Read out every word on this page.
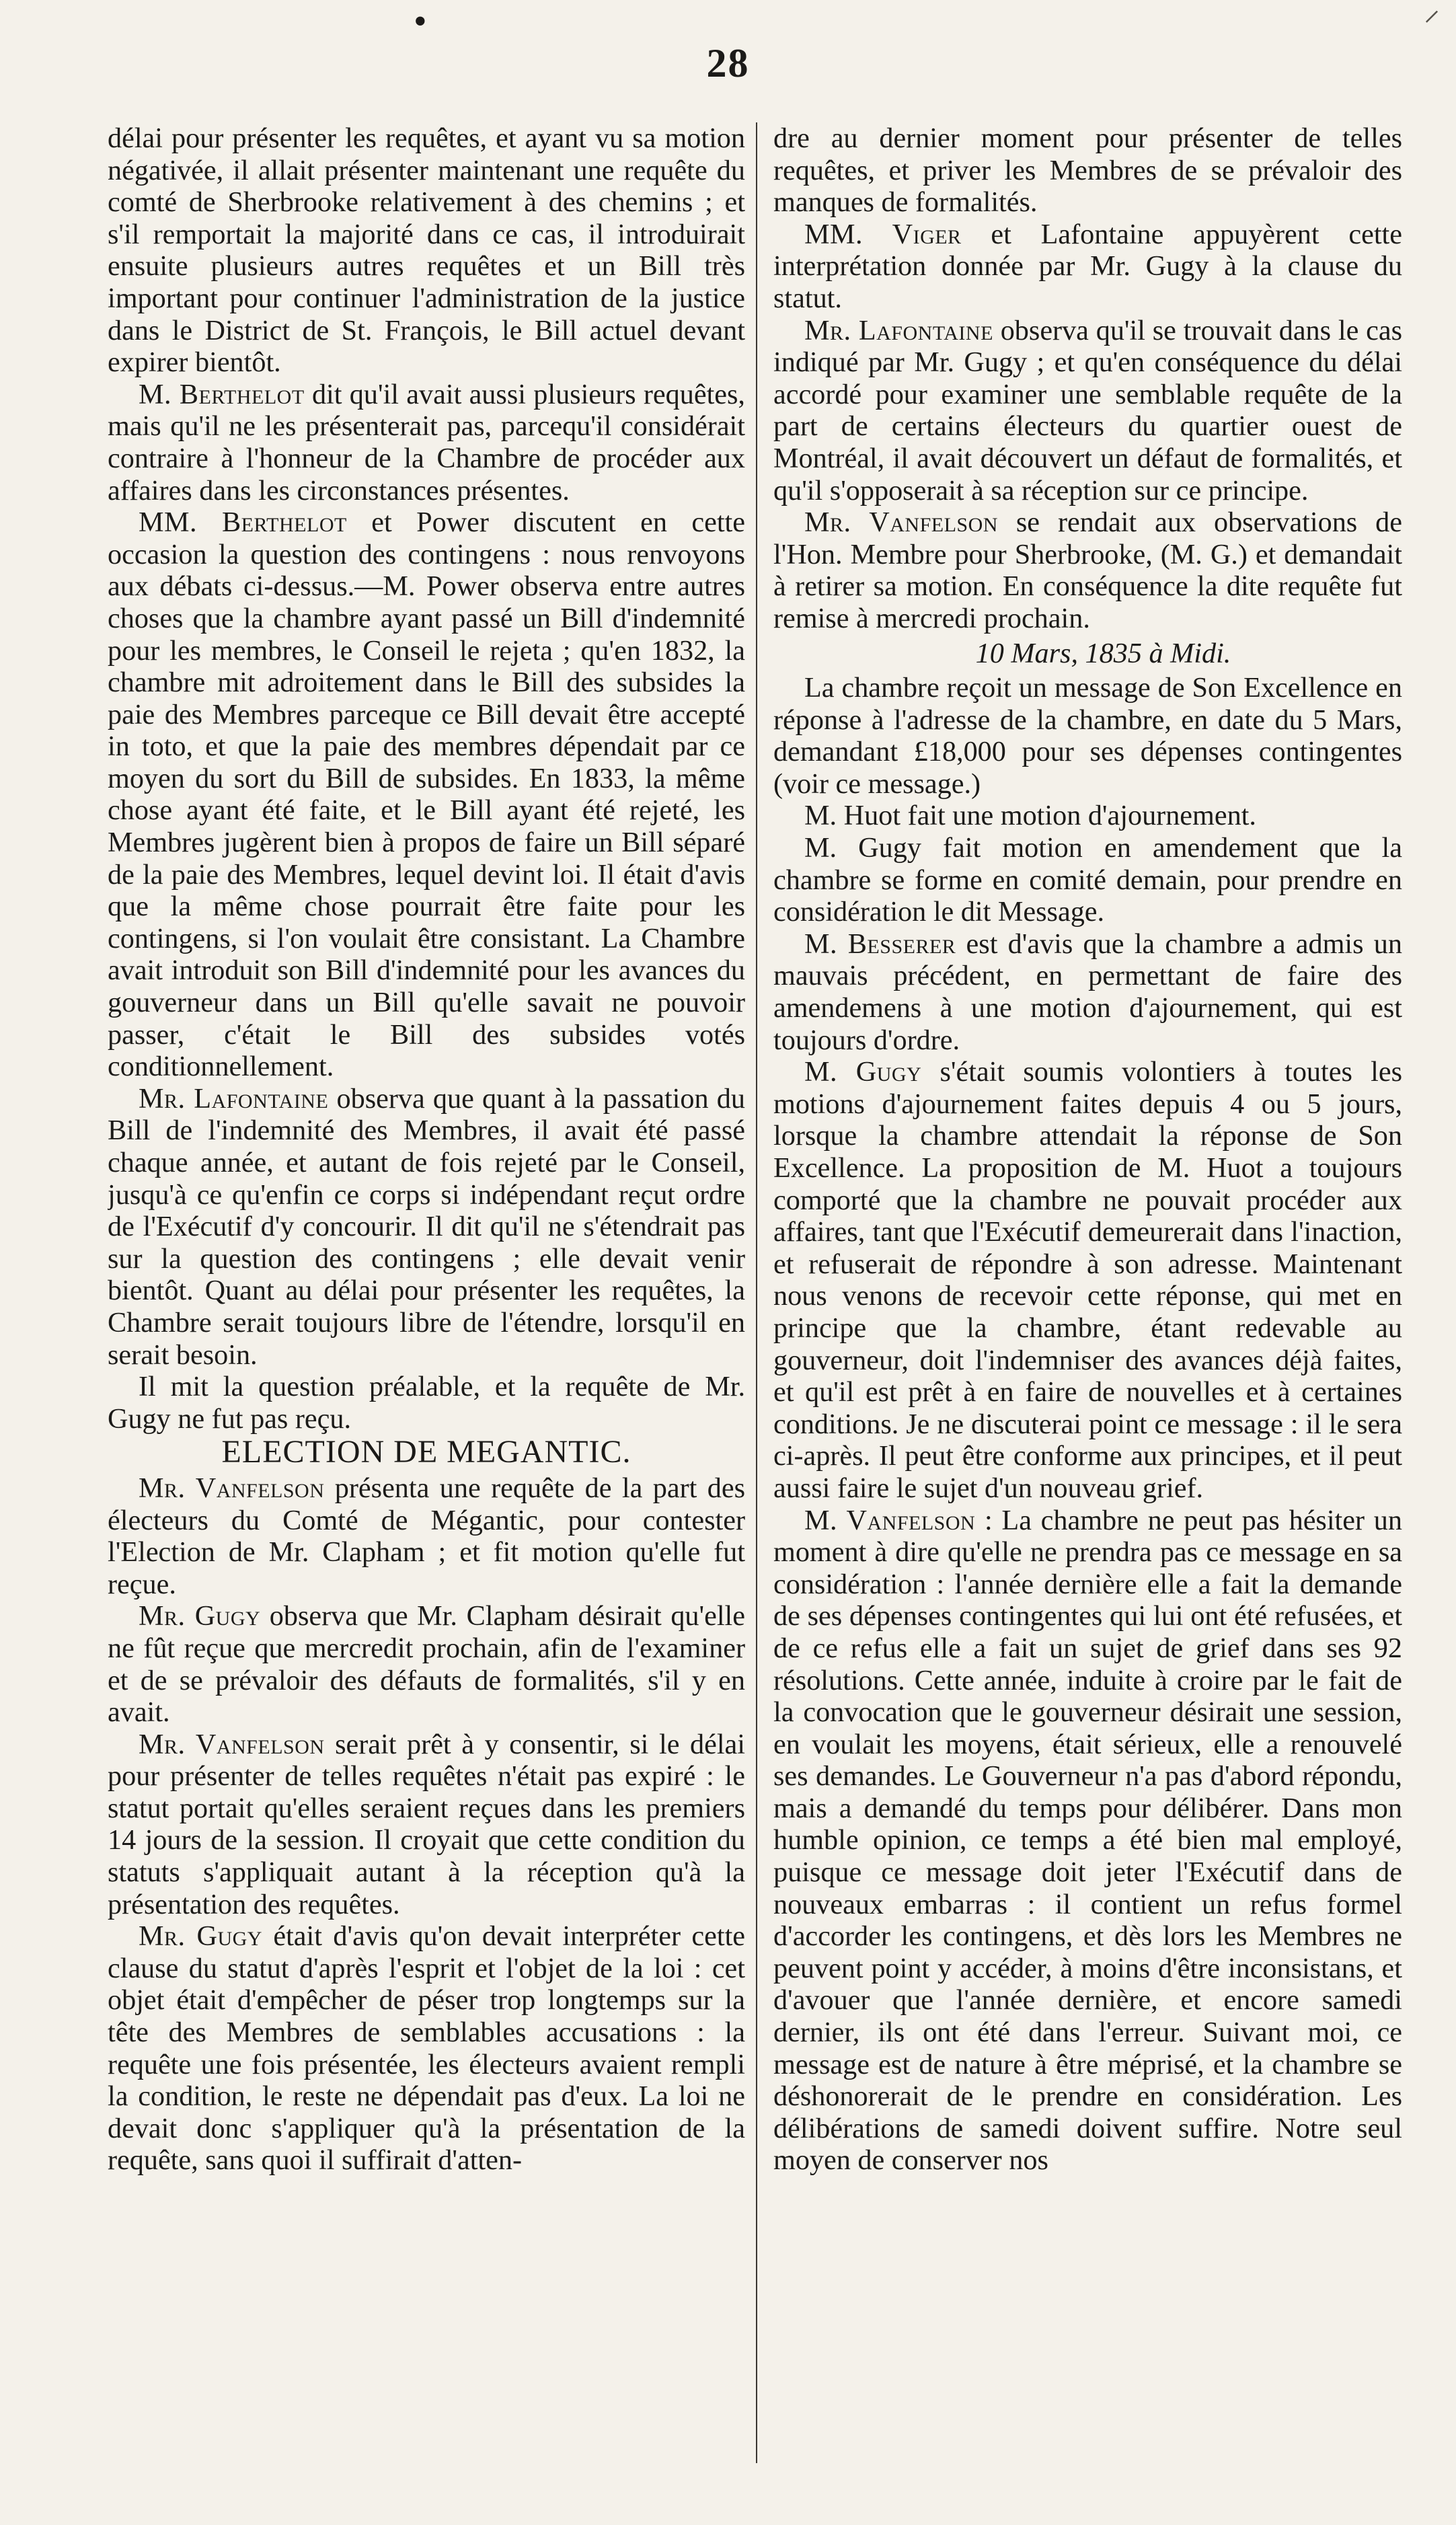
•	⸍
28

délai pour présenter les requêtes, et ayant vu sa motion négativée, il allait présenter maintenant une requête du comté de Sherbrooke relativement à des chemins ; et s'il remportait la majorité dans ce cas, il introduirait ensuite plusieurs autres requêtes et un Bill très important pour continuer l'administration de la justice dans le District de St. François, le Bill actuel devant expirer bientôt.

M. Berthelot dit qu'il avait aussi plusieurs requêtes, mais qu'il ne les présenterait pas, parcequ'il considérait contraire à l'honneur de la Chambre de procéder aux affaires dans les circonstances présentes.

MM. Berthelot et Power discutent en cette occasion la question des contingens : nous renvoyons aux débats ci-dessus.—M. Power observa entre autres choses que la chambre ayant passé un Bill d'indemnité pour les membres, le Conseil le rejeta ; qu'en 1832, la chambre mit adroitement dans le Bill des subsides la paie des Membres parceque ce Bill devait être accepté in toto, et que la paie des membres dépendait par ce moyen du sort du Bill de subsides. En 1833, la même chose ayant été faite, et le Bill ayant été rejeté, les Membres jugèrent bien à propos de faire un Bill séparé de la paie des Membres, lequel devint loi. Il était d'avis que la même chose pourrait être faite pour les contingens, si l'on voulait être consistant. La Chambre avait introduit son Bill d'indemnité pour les avances du gouverneur dans un Bill qu'elle savait ne pouvoir passer, c'était le Bill des subsides votés conditionnellement.

Mr. Lafontaine observa que quant à la passation du Bill de l'indemnité des Membres, il avait été passé chaque année, et autant de fois rejeté par le Conseil, jusqu'à ce qu'enfin ce corps si indépendant reçut ordre de l'Exécutif d'y concourir. Il dit qu'il ne s'étendrait pas sur la question des contingens ; elle devait venir bientôt. Quant au délai pour présenter les requêtes, la Chambre serait toujours libre de l'étendre, lorsqu'il en serait besoin.

Il mit la question préalable, et la requête de Mr. Gugy ne fut pas reçu.

ELECTION DE MEGANTIC.

Mr. Vanfelson présenta une requête de la part des électeurs du Comté de Mégantic, pour contester l'Election de Mr. Clapham ; et fit motion qu'elle fut reçue.

Mr. Gugy observa que Mr. Clapham désirait qu'elle ne fût reçue que mercredit prochain, afin de l'examiner et de se prévaloir des défauts de formalités, s'il y en avait.

Mr. Vanfelson serait prêt à y consentir, si le délai pour présenter de telles requêtes n'était pas expiré : le statut portait qu'elles seraient reçues dans les premiers 14 jours de la session. Il croyait que cette condition du statuts s'appliquait autant à la réception qu'à la présentation des requêtes.

Mr. Gugy était d'avis qu'on devait interpréter cette clause du statut d'après l'esprit et l'objet de la loi : cet objet était d'empêcher de péser trop longtemps sur la tête des Membres de semblables accusations : la requête une fois présentée, les électeurs avaient rempli la condition, le reste ne dépendait pas d'eux. La loi ne devait donc s'appliquer qu'à la présentation de la requête, sans quoi il suffirait d'atten-

dre au dernier moment pour présenter de telles requêtes, et priver les Membres de se prévaloir des manques de formalités.

MM. Viger et Lafontaine appuyèrent cette interprétation donnée par Mr. Gugy à la clause du statut.

Mr. Lafontaine observa qu'il se trouvait dans le cas indiqué par Mr. Gugy ; et qu'en conséquence du délai accordé pour examiner une semblable requête de la part de certains électeurs du quartier ouest de Montréal, il avait découvert un défaut de formalités, et qu'il s'opposerait à sa réception sur ce principe.

Mr. Vanfelson se rendait aux observations de l'Hon. Membre pour Sherbrooke, (M. G.) et demandait à retirer sa motion. En conséquence la dite requête fut remise à mercredi prochain.

10 Mars, 1835 à Midi.

La chambre reçoit un message de Son Excellence en réponse à l'adresse de la chambre, en date du 5 Mars, demandant £18,000 pour ses dépenses contingentes (voir ce message.)

M. Huot fait une motion d'ajournement.

M. Gugy fait motion en amendement que la chambre se forme en comité demain, pour prendre en considération le dit Message.

M. Besserer est d'avis que la chambre a admis un mauvais précédent, en permettant de faire des amendemens à une motion d'ajournement, qui est toujours d'ordre.

M. Gugy s'était soumis volontiers à toutes les motions d'ajournement faites depuis 4 ou 5 jours, lorsque la chambre attendait la réponse de Son Excellence. La proposition de M. Huot a toujours comporté que la chambre ne pouvait procéder aux affaires, tant que l'Exécutif demeurerait dans l'inaction, et refuserait de répondre à son adresse. Maintenant nous venons de recevoir cette réponse, qui met en principe que la chambre, étant redevable au gouverneur, doit l'indemniser des avances déjà faites, et qu'il est prêt à en faire de nouvelles et à certaines conditions. Je ne discuterai point ce message : il le sera ci-après. Il peut être conforme aux principes, et il peut aussi faire le sujet d'un nouveau grief.

M. Vanfelson : La chambre ne peut pas hésiter un moment à dire qu'elle ne prendra pas ce message en sa considération : l'année dernière elle a fait la demande de ses dépenses contingentes qui lui ont été refusées, et de ce refus elle a fait un sujet de grief dans ses 92 résolutions. Cette année, induite à croire par le fait de la convocation que le gouverneur désirait une session, en voulait les moyens, était sérieux, elle a renouvelé ses demandes. Le Gouverneur n'a pas d'abord répondu, mais a demandé du temps pour délibérer. Dans mon humble opinion, ce temps a été bien mal employé, puisque ce message doit jeter l'Exécutif dans de nouveaux embarras : il contient un refus formel d'accorder les contingens, et dès lors les Membres ne peuvent point y accéder, à moins d'être inconsistans, et d'avouer que l'année dernière, et encore samedi dernier, ils ont été dans l'erreur. Suivant moi, ce message est de nature à être méprisé, et la chambre se déshonorerait de le prendre en considération. Les délibérations de samedi doivent suffire. Notre seul moyen de conserver nos
